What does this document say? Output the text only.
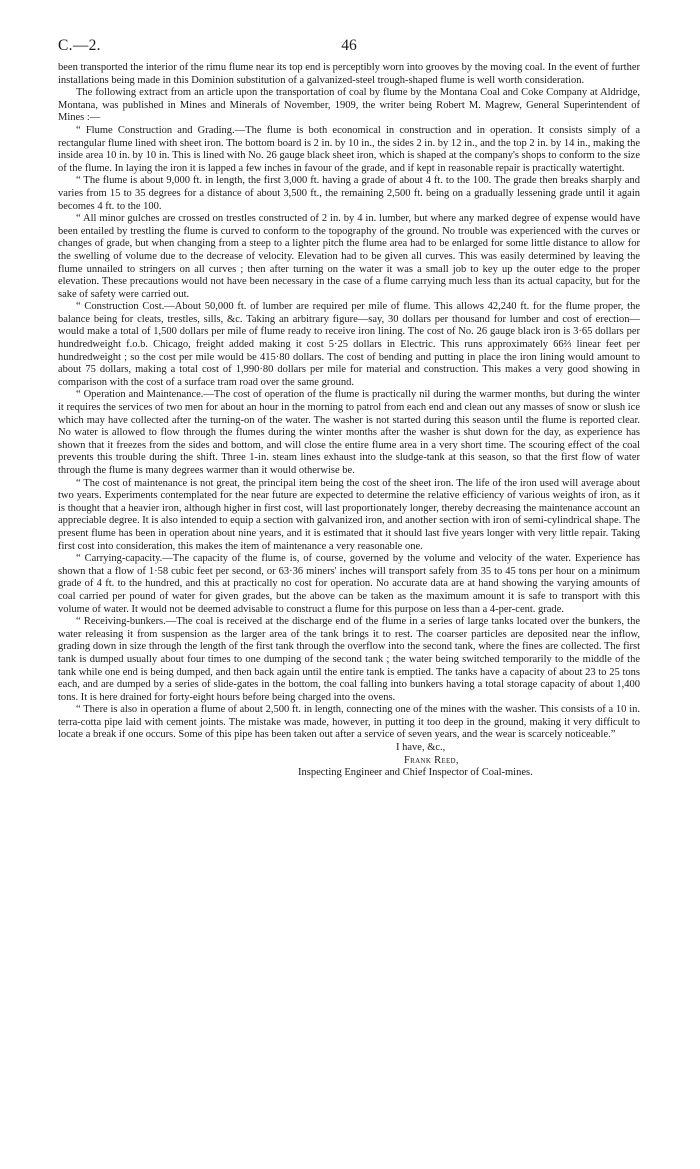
C.—2.	46

been transported the interior of the rimu flume near its top end is perceptibly worn into grooves by the moving coal. In the event of further installations being made in this Dominion substitution of a galvanized-steel trough-shaped flume is well worth consideration.

The following extract from an article upon the transportation of coal by flume by the Montana Coal and Coke Company at Aldridge, Montana, was published in Mines and Minerals of November, 1909, the writer being Robert M. Magrew, General Superintendent of Mines :—

“ Flume Construction and Grading.—The flume is both economical in construction and in operation. It consists simply of a rectangular flume lined with sheet iron. The bottom board is 2 in. by 10 in., the sides 2 in. by 12 in., and the top 2 in. by 14 in., making the inside area 10 in. by 10 in. This is lined with No. 26 gauge black sheet iron, which is shaped at the company's shops to conform to the size of the flume. In laying the iron it is lapped a few inches in favour of the grade, and if kept in reasonable repair is practically watertight.

“ The flume is about 9,000 ft. in length, the first 3,000 ft. having a grade of about 4 ft. to the 100. The grade then breaks sharply and varies from 15 to 35 degrees for a distance of about 3,500 ft., the remaining 2,500 ft. being on a gradually lessening grade until it again becomes 4 ft. to the 100.

“ All minor gulches are crossed on trestles constructed of 2 in. by 4 in. lumber, but where any marked degree of expense would have been entailed by trestling the flume is curved to conform to the topography of the ground. No trouble was experienced with the curves or changes of grade, but when changing from a steep to a lighter pitch the flume area had to be enlarged for some little distance to allow for the swelling of volume due to the decrease of velocity. Elevation had to be given all curves. This was easily determined by leaving the flume unnailed to stringers on all curves ; then after turning on the water it was a small job to key up the outer edge to the proper elevation. These precautions would not have been necessary in the case of a flume carrying much less than its actual capacity, but for the sake of safety were carried out.

“ Construction Cost.—About 50,000 ft. of lumber are required per mile of flume. This allows 42,240 ft. for the flume proper, the balance being for cleats, trestles, sills, &c. Taking an arbitrary figure—say, 30 dollars per thousand for lumber and cost of erection—would make a total of 1,500 dollars per mile of flume ready to receive iron lining. The cost of No. 26 gauge black iron is 3·65 dollars per hundredweight f.o.b. Chicago, freight added making it cost 5·25 dollars in Electric. This runs approximately 66⅔ linear feet per hundredweight ; so the cost per mile would be 415·80 dollars. The cost of bending and putting in place the iron lining would amount to about 75 dollars, making a total cost of 1,990·80 dollars per mile for material and construction. This makes a very good showing in comparison with the cost of a surface tram road over the same ground.

“ Operation and Maintenance.—The cost of operation of the flume is practically nil during the warmer months, but during the winter it requires the services of two men for about an hour in the morning to patrol from each end and clean out any masses of snow or slush ice which may have collected after the turning-on of the water. The washer is not started during this season until the flume is reported clear. No water is allowed to flow through the flumes during the winter months after the washer is shut down for the day, as experience has shown that it freezes from the sides and bottom, and will close the entire flume area in a very short time. The scouring effect of the coal prevents this trouble during the shift. Three 1-in. steam lines exhaust into the sludge-tank at this season, so that the first flow of water through the flume is many degrees warmer than it would otherwise be.

“ The cost of maintenance is not great, the principal item being the cost of the sheet iron. The life of the iron used will average about two years. Experiments contemplated for the near future are expected to determine the relative efficiency of various weights of iron, as it is thought that a heavier iron, although higher in first cost, will last proportionately longer, thereby decreasing the maintenance account an appreciable degree. It is also intended to equip a section with galvanized iron, and another section with iron of semi-cylindrical shape. The present flume has been in operation about nine years, and it is estimated that it should last five years longer with very little repair. Taking first cost into consideration, this makes the item of maintenance a very reasonable one.

“ Carrying-capacity.—The capacity of the flume is, of course, governed by the volume and velocity of the water. Experience has shown that a flow of 1·58 cubic feet per second, or 63·36 miners' inches will transport safely from 35 to 45 tons per hour on a minimum grade of 4 ft. to the hundred, and this at practically no cost for operation. No accurate data are at hand showing the varying amounts of coal carried per pound of water for given grades, but the above can be taken as the maximum amount it is safe to transport with this volume of water. It would not be deemed advisable to construct a flume for this purpose on less than a 4-per-cent. grade.

“ Receiving-bunkers.—The coal is received at the discharge end of the flume in a series of large tanks located over the bunkers, the water releasing it from suspension as the larger area of the tank brings it to rest. The coarser particles are deposited near the inflow, grading down in size through the length of the first tank through the overflow into the second tank, where the fines are collected. The first tank is dumped usually about four times to one dumping of the second tank ; the water being switched temporarily to the middle of the tank while one end is being dumped, and then back again until the entire tank is emptied. The tanks have a capacity of about 23 to 25 tons each, and are dumped by a series of slide-gates in the bottom, the coal falling into bunkers having a total storage capacity of about 1,400 tons. It is here drained for forty-eight hours before being charged into the ovens.

“ There is also in operation a flume of about 2,500 ft. in length, connecting one of the mines with the washer. This consists of a 10 in. terra-cotta pipe laid with cement joints. The mistake was made, however, in putting it too deep in the ground, making it very difficult to locate a break if one occurs. Some of this pipe has been taken out after a service of seven years, and the wear is scarcely noticeable.”

I have, &c.,
Frank Reed,
Inspecting Engineer and Chief Inspector of Coal-mines.
